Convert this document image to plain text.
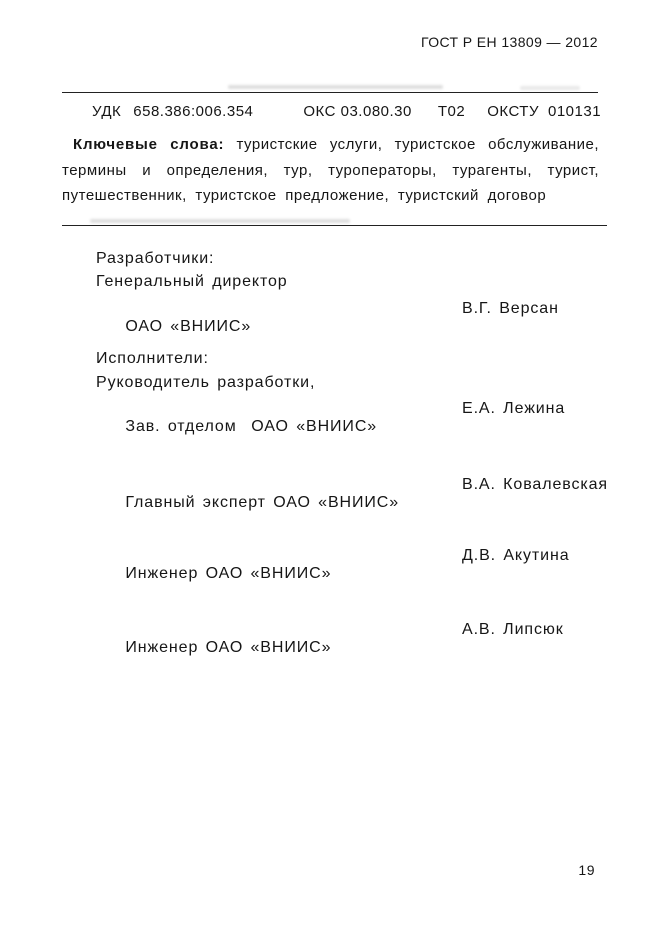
ГОСТ Р ЕН 13809 — 2012
УДК 658.386:006.354	ОКС 03.080.30 Т02 ОКСТУ 010131
Ключевые слова: туристские услуги, туристское обслуживание,
термины и определения, тур, туроператоры, турагенты, турист,
путешественник, туристское предложение, туристский договор
Разработчики:
Генеральный директор

ОАО «ВНИИС»

В.Г. Версан

Исполнители:
Руководитель разработки,

Зав. отделом  ОАО «ВНИИС»

Е.А. Лежина

Главный эксперт ОАО «ВНИИС»

В.А. Ковалевская

Инженер ОАО «ВНИИС»

Д.В. Акутина

Инженер ОАО «ВНИИС»

А.В. Липсюк

19
